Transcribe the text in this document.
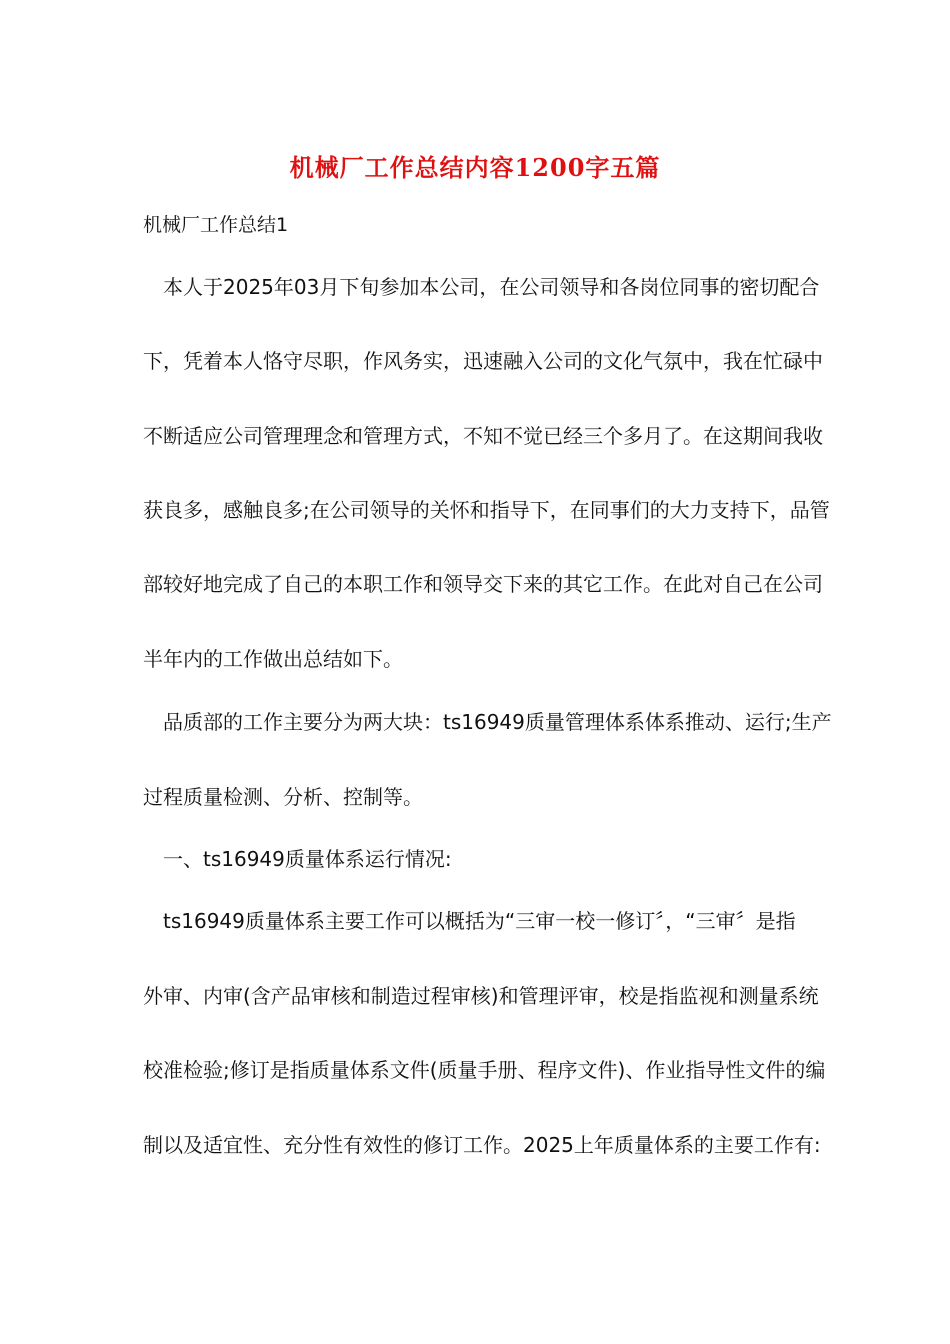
机械厂工作总结内容1200字五篇
机械厂工作总结1
本人于2025年03月下旬参加本公司，在公司领导和各岗位同事的密切配合
下，凭着本人恪守尽职，作风务实，迅速融入公司的文化气氛中，我在忙碌中
不断适应公司管理理念和管理方式，不知不觉已经三个多月了。在这期间我收
获良多，感触良多;在公司领导的关怀和指导下，在同事们的大力支持下，品管
部较好地完成了自己的本职工作和领导交下来的其它工作。在此对自己在公司
半年内的工作做出总结如下。
品质部的工作主要分为两大块：ts16949质量管理体系体系推动、运行;生产
过程质量检测、分析、控制等。
一、ts16949质量体系运行情况:
ts16949质量体系主要工作可以概括为“三审一校一修订〞，“三审〞是指
外审、内审(含产品审核和制造过程审核)和管理评审，校是指监视和测量系统
校准检验;修订是指质量体系文件(质量手册、程序文件)、作业指导性文件的编
制以及适宜性、充分性有效性的修订工作。2025上年质量体系的主要工作有:
